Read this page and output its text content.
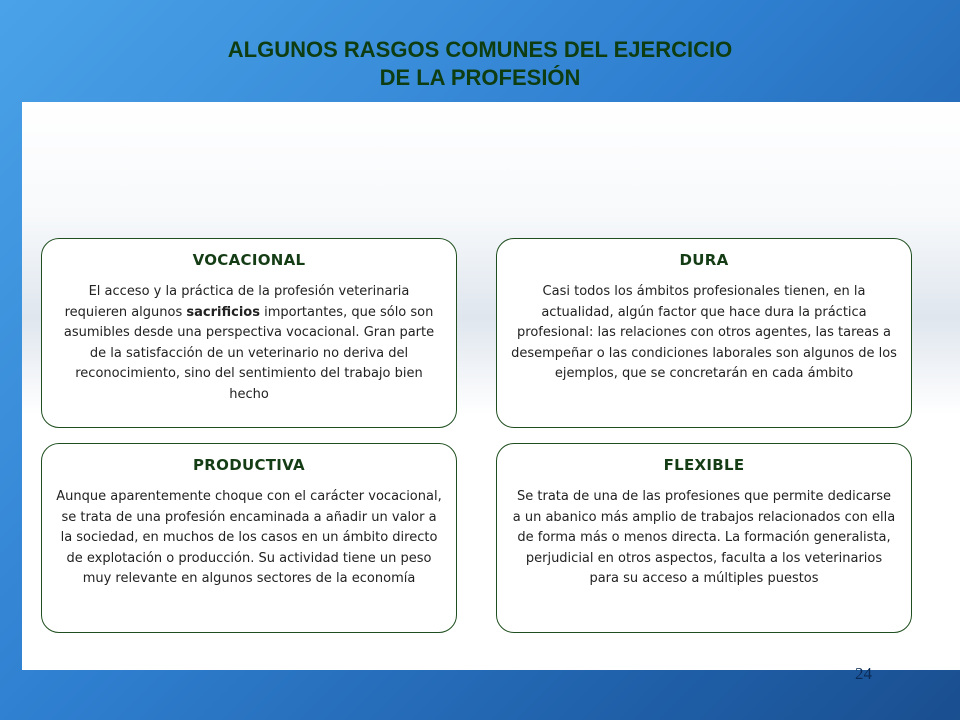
ALGUNOS RASGOS COMUNES DEL EJERCICIO
DE LA PROFESIÓN
VOCACIONAL

El acceso y la práctica de la profesión veterinaria requieren algunos sacrificios importantes, que sólo son asumibles desde una perspectiva vocacional. Gran parte de la satisfacción de un veterinario no deriva del reconocimiento, sino del sentimiento del trabajo bien hecho

DURA

Casi todos los ámbitos profesionales tienen, en la actualidad, algún factor que hace dura la práctica profesional: las relaciones con otros agentes, las tareas a desempeñar o las condiciones laborales son algunos de los ejemplos, que se concretarán en cada ámbito

PRODUCTIVA

Aunque aparentemente choque con el carácter vocacional, se trata de una profesión encaminada a añadir un valor a la sociedad, en muchos de los casos en un ámbito directo de explotación o producción. Su actividad tiene un peso muy relevante en algunos sectores de la economía

FLEXIBLE

Se trata de una de las profesiones que permite dedicarse a un abanico más amplio de trabajos relacionados con ella de forma más o menos directa. La formación generalista, perjudicial en otros aspectos, faculta a los veterinarios para su acceso a múltiples puestos

24
